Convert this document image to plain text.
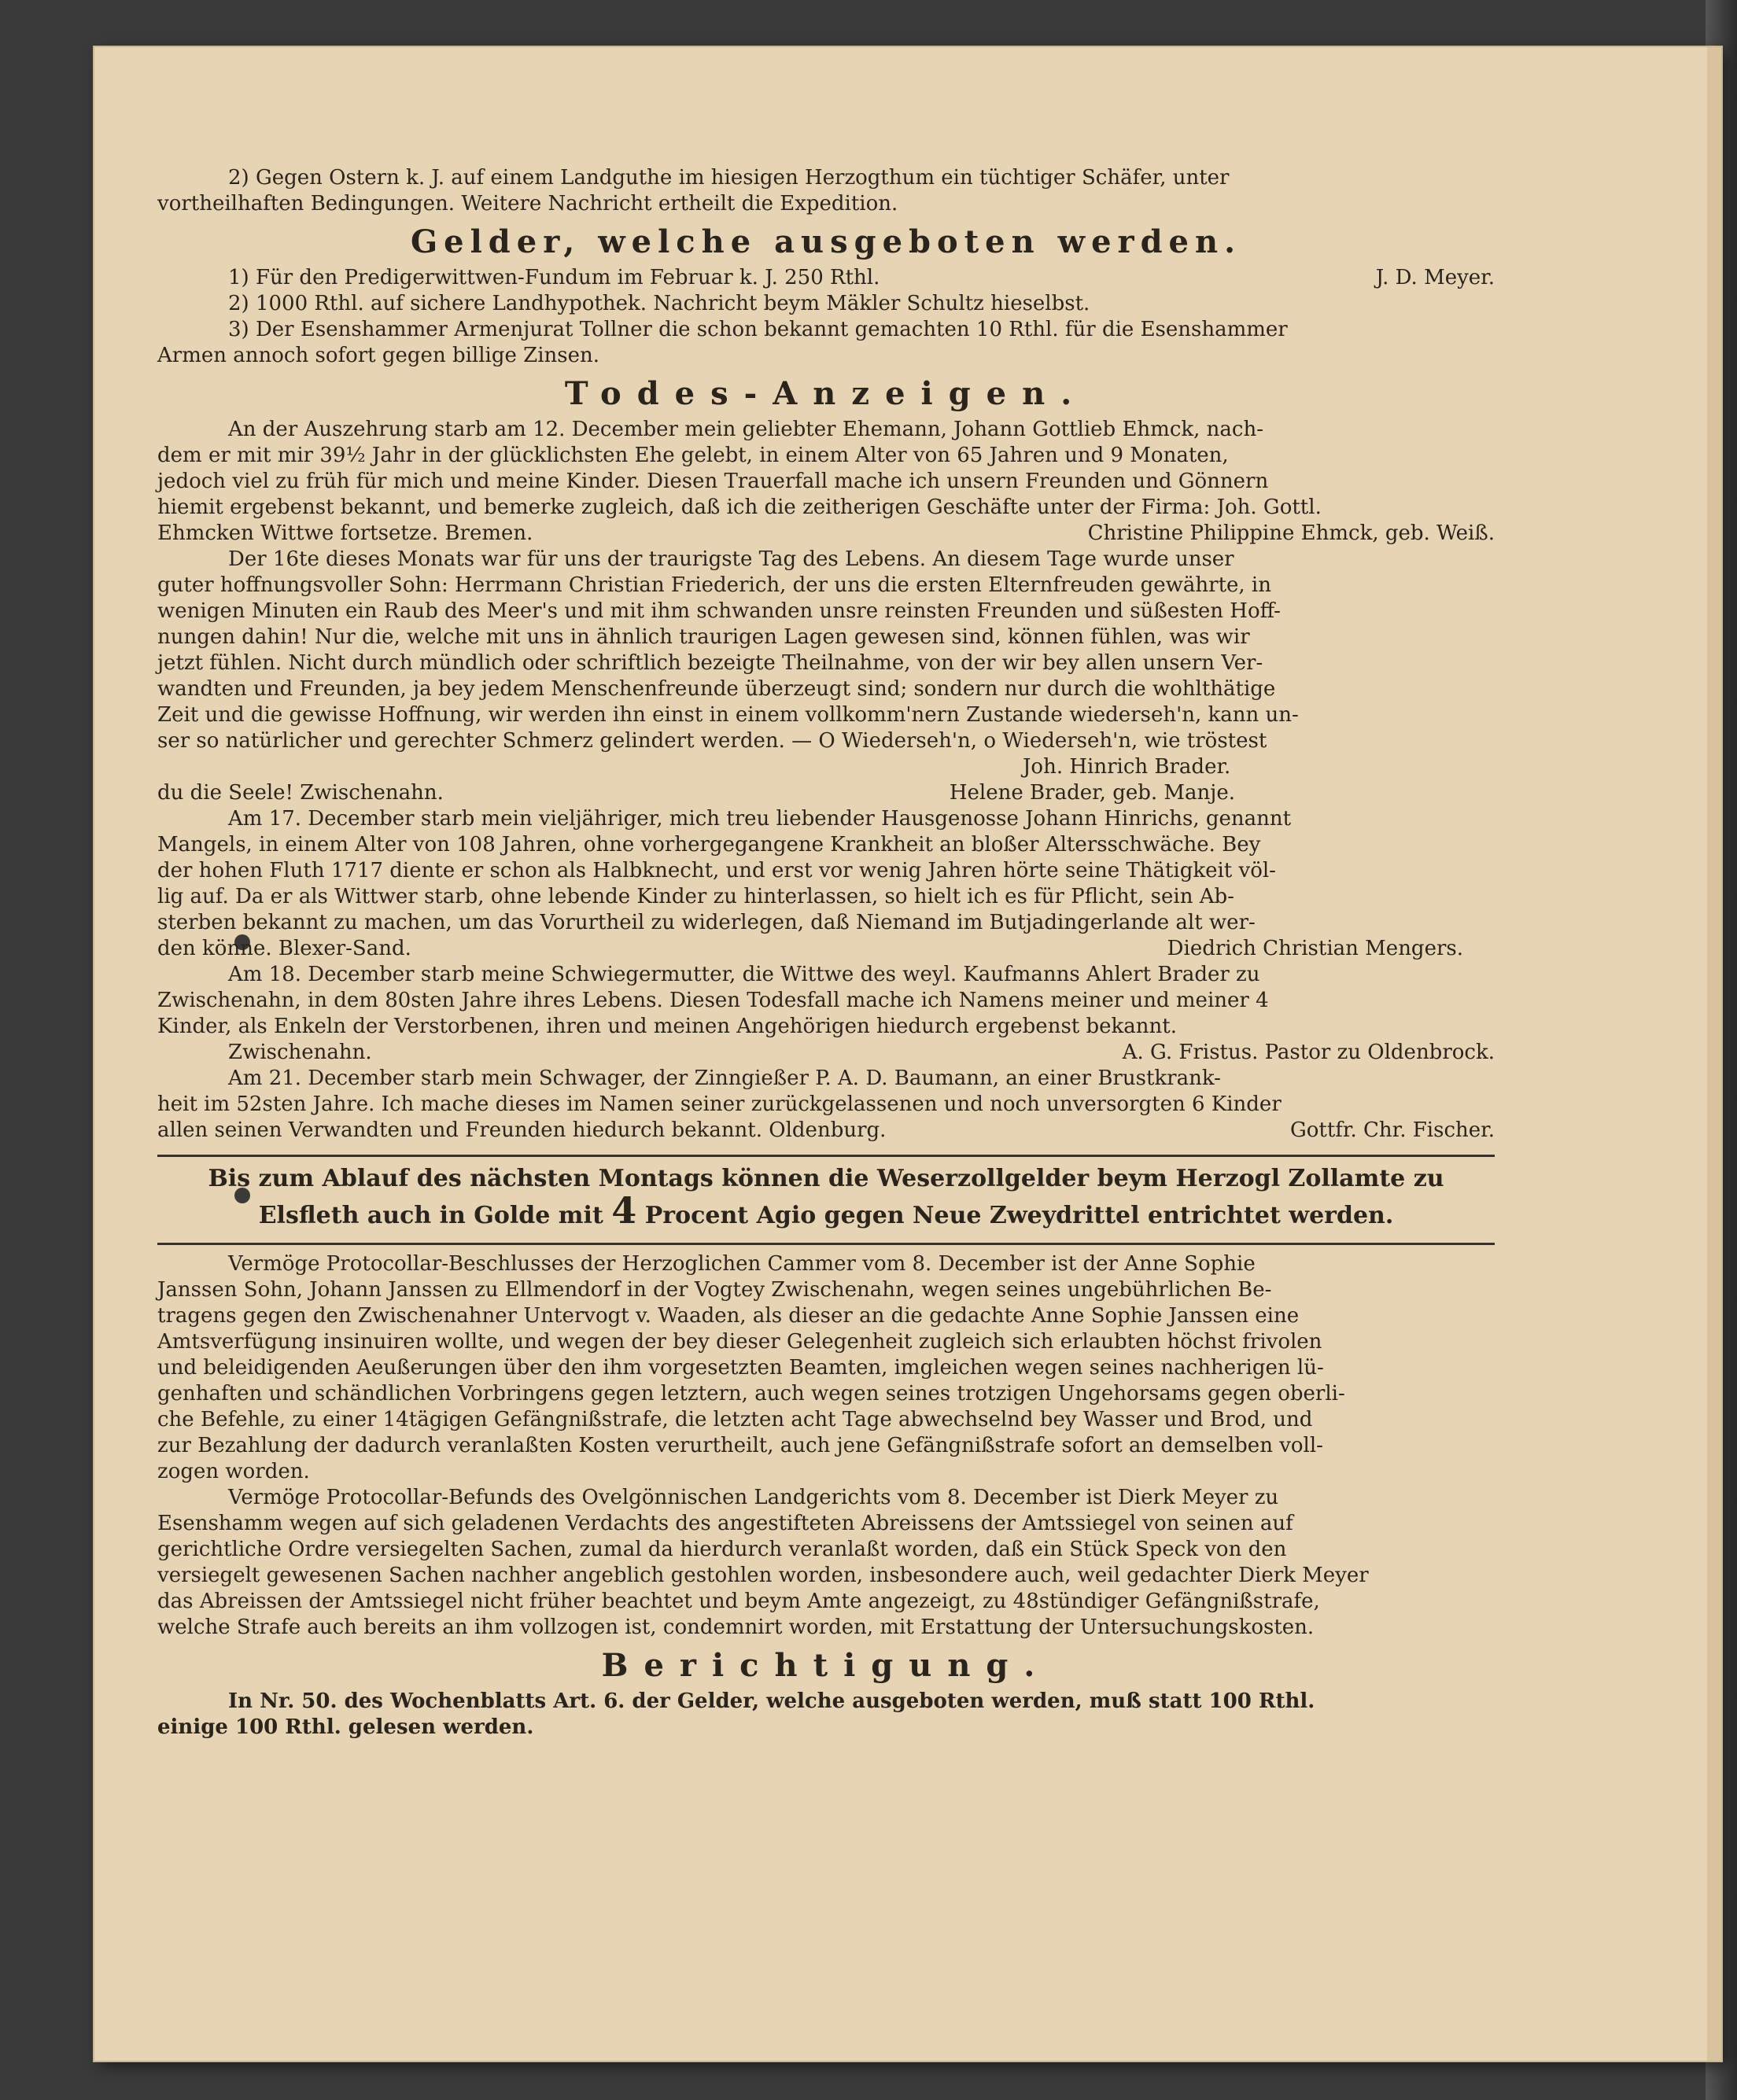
2) Gegen Ostern k. J. auf einem Landguthe im hiesigen Herzogthum ein tüchtiger Schäfer, unter

vortheilhaften Bedingungen. Weitere Nachricht ertheilt die Expedition.

Gelder, welche ausgeboten werden.
1) Für den Predigerwittwen-Fundum im Februar k. J. 250 Rthl.	J. D. Meyer.

2) 1000 Rthl. auf sichere Landhypothek. Nachricht beym Mäkler Schultz hieselbst.

3) Der Esenshammer Armenjurat Tollner die schon bekannt gemachten 10 Rthl. für die Esenshammer

Armen annoch sofort gegen billige Zinsen.

Todes-Anzeigen.

An der Auszehrung starb am 12. December mein geliebter Ehemann, Johann Gottlieb Ehmck, nach-

dem er mit mir 39½ Jahr in der glücklichsten Ehe gelebt, in einem Alter von 65 Jahren und 9 Monaten,

jedoch viel zu früh für mich und meine Kinder. Diesen Trauerfall mache ich unsern Freunden und Gönnern

hiemit ergebenst bekannt, und bemerke zugleich, daß ich die zeitherigen Geschäfte unter der Firma: Joh. Gottl.

Ehmcken Wittwe fortsetze. Bremen.	Christine Philippine Ehmck, geb. Weiß.

Der 16te dieses Monats war für uns der traurigste Tag des Lebens. An diesem Tage wurde unser

guter hoffnungsvoller Sohn: Herrmann Christian Friederich, der uns die ersten Elternfreuden gewährte, in

wenigen Minuten ein Raub des Meer's und mit ihm schwanden unsre reinsten Freunden und süßesten Hoff-

nungen dahin! Nur die, welche mit uns in ähnlich traurigen Lagen gewesen sind, können fühlen, was wir

jetzt fühlen. Nicht durch mündlich oder schriftlich bezeigte Theilnahme, von der wir bey allen unsern Ver-

wandten und Freunden, ja bey jedem Menschenfreunde überzeugt sind; sondern nur durch die wohlthätige

Zeit und die gewisse Hoffnung, wir werden ihn einst in einem vollkomm'nern Zustande wiederseh'n, kann un-

ser so natürlicher und gerechter Schmerz gelindert werden. — O Wiederseh'n, o Wiederseh'n, wie tröstest

Joh. Hinrich Brader.
du die Seele! Zwischenahn.	Helene Brader, geb. Manje.

Am 17. December starb mein vieljähriger, mich treu liebender Hausgenosse Johann Hinrichs, genannt

Mangels, in einem Alter von 108 Jahren, ohne vorhergegangene Krankheit an bloßer Altersschwäche. Bey

der hohen Fluth 1717 diente er schon als Halbknecht, und erst vor wenig Jahren hörte seine Thätigkeit völ-

lig auf. Da er als Wittwer starb, ohne lebende Kinder zu hinterlassen, so hielt ich es für Pflicht, sein Ab-

sterben bekannt zu machen, um das Vorurtheil zu widerlegen, daß Niemand im Butjadingerlande alt wer-

den könne. Blexer-Sand.	Diedrich Christian Mengers.

Am 18. December starb meine Schwiegermutter, die Wittwe des weyl. Kaufmanns Ahlert Brader zu

Zwischenahn, in dem 80sten Jahre ihres Lebens. Diesen Todesfall mache ich Namens meiner und meiner 4

Kinder, als Enkeln der Verstorbenen, ihren und meinen Angehörigen hiedurch ergebenst bekannt.

A. G. Fristus. Pastor zu Oldenbrock.

Zwischenahn.

Am 21. December starb mein Schwager, der Zinngießer P. A. D. Baumann, an einer Brustkrank-

heit im 52sten Jahre. Ich mache dieses im Namen seiner zurückgelassenen und noch unversorgten 6 Kinder

allen seinen Verwandten und Freunden hiedurch bekannt. Oldenburg.	Gottfr. Chr. Fischer.
Bis zum Ablauf des nächsten Montags können die Weserzollgelder beym Herzogl Zollamte zu
Elsfleth auch in Golde mit 4 Procent Agio gegen Neue Zweydrittel entrichtet werden.

Vermöge Protocollar-Beschlusses der Herzoglichen Cammer vom 8. December ist der Anne Sophie

Janssen Sohn, Johann Janssen zu Ellmendorf in der Vogtey Zwischenahn, wegen seines ungebührlichen Be-

tragens gegen den Zwischenahner Untervogt v. Waaden, als dieser an die gedachte Anne Sophie Janssen eine

Amtsverfügung insinuiren wollte, und wegen der bey dieser Gelegenheit zugleich sich erlaubten höchst frivolen

und beleidigenden Aeußerungen über den ihm vorgesetzten Beamten, imgleichen wegen seines nachherigen lü-

genhaften und schändlichen Vorbringens gegen letztern, auch wegen seines trotzigen Ungehorsams gegen oberli-

che Befehle, zu einer 14tägigen Gefängnißstrafe, die letzten acht Tage abwechselnd bey Wasser und Brod, und

zur Bezahlung der dadurch veranlaßten Kosten verurtheilt, auch jene Gefängnißstrafe sofort an demselben voll-

zogen worden.

Vermöge Protocollar-Befunds des Ovelgönnischen Landgerichts vom 8. December ist Dierk Meyer zu

Esenshamm wegen auf sich geladenen Verdachts des angestifteten Abreissens der Amtssiegel von seinen auf

gerichtliche Ordre versiegelten Sachen, zumal da hierdurch veranlaßt worden, daß ein Stück Speck von den

versiegelt gewesenen Sachen nachher angeblich gestohlen worden, insbesondere auch, weil gedachter Dierk Meyer

das Abreissen der Amtssiegel nicht früher beachtet und beym Amte angezeigt, zu 48stündiger Gefängnißstrafe,

welche Strafe auch bereits an ihm vollzogen ist, condemnirt worden, mit Erstattung der Untersuchungskosten.

Berichtigung.

In Nr. 50. des Wochenblatts Art. 6. der Gelder, welche ausgeboten werden, muß statt 100 Rthl.

einige 100 Rthl. gelesen werden.
